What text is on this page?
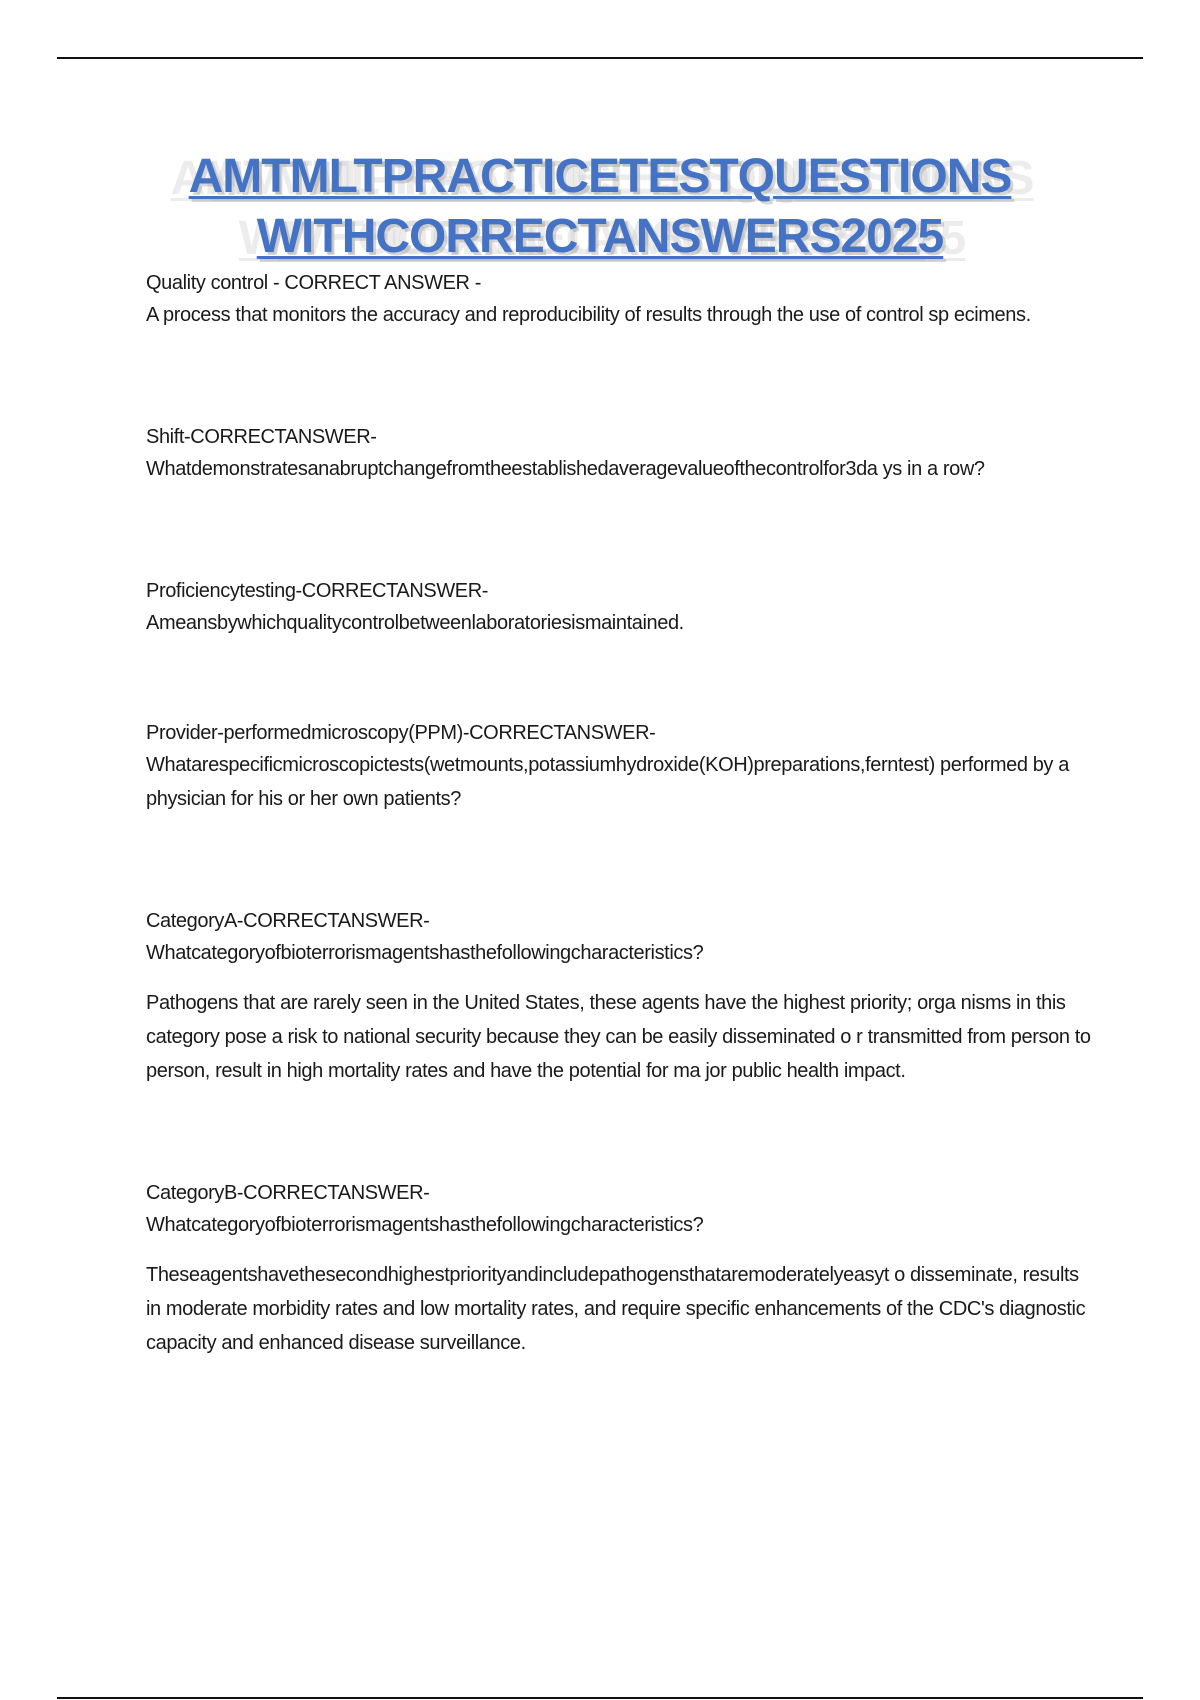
AMTMLTPRACTICETESTQUESTIONS
WITHCORRECTANSWERS2025
Quality control - CORRECT ANSWER -
A process that monitors the accuracy and reproducibility of results through the use of control sp ecimens.
Shift-CORRECTANSWER-
Whatdemonstratesanabruptchangefromtheestablishedaveragevalueofthecontrolfor3da ys in a row?
Proficiencytesting-CORRECTANSWER-
Ameansbywhichqualitycontrolbetweenlaboratoriesismaintained.
Provider-performedmicroscopy(PPM)-CORRECTANSWER-
Whatarespecificmicroscopictests(wetmounts,potassiumhydroxide(KOH)preparations,ferntest) performed by a physician for his or her own patients?
CategoryA-CORRECTANSWER-
Whatcategoryofbioterrorismagentshasthefollowingcharacteristics?
Pathogens that are rarely seen in the United States, these agents have the highest priority; orga nisms in this category pose a risk to national security because they can be easily disseminated o r transmitted from person to person, result in high mortality rates and have the potential for ma jor public health impact.
CategoryB-CORRECTANSWER-
Whatcategoryofbioterrorismagentshasthefollowingcharacteristics?
Theseagentshavethesecondhighestpriorityandincludepathogensthataremoderatelyeasyt o disseminate, results in moderate morbidity rates and low mortality rates, and require specific enhancements of the CDC's diagnostic capacity and enhanced disease surveillance.
